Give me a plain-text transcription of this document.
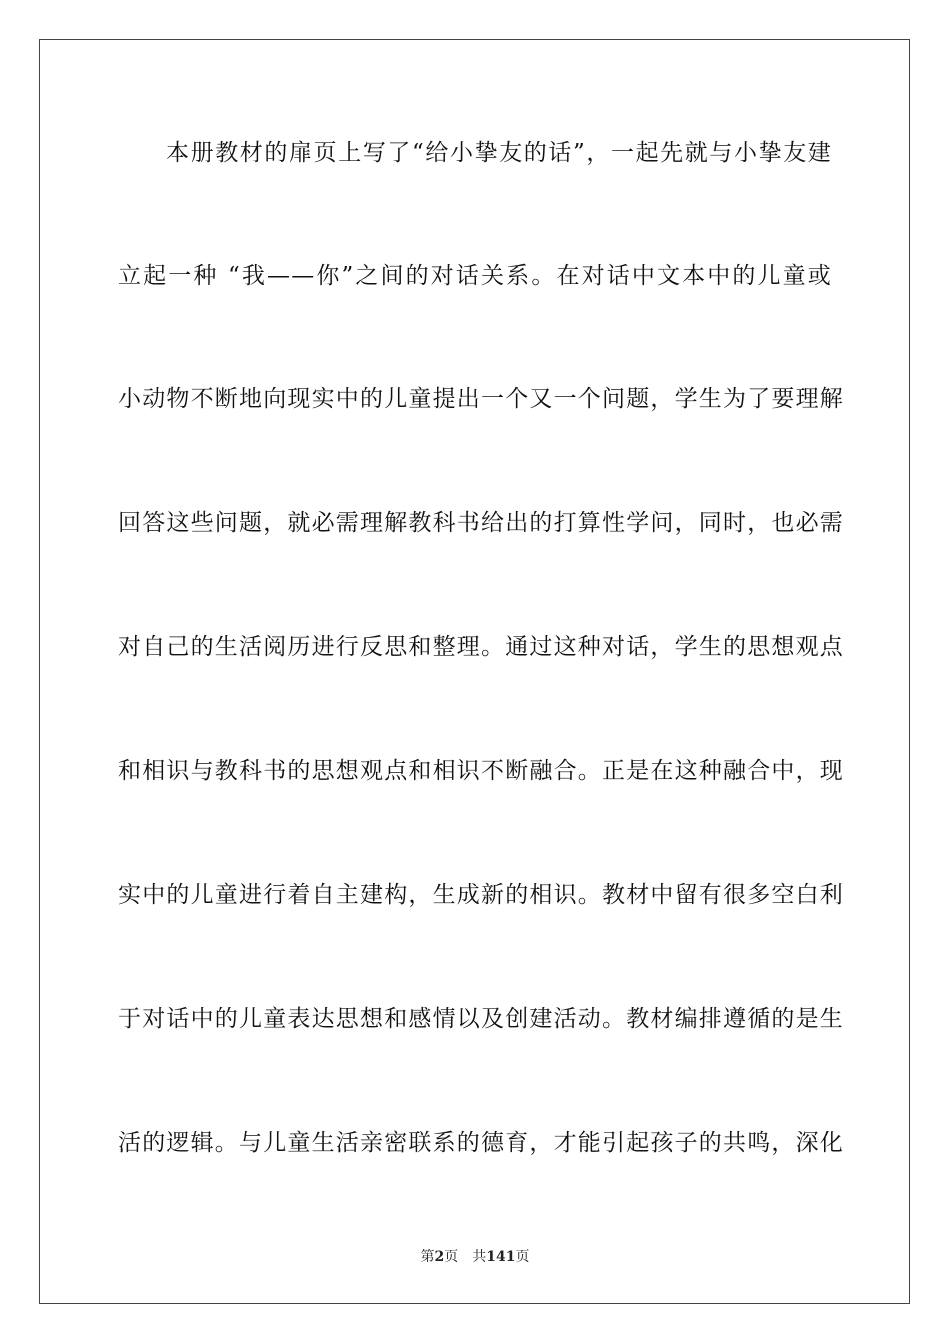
本册教材的扉页上写了“给小挚友的话”，一起先就与小挚友建

立起一种 “我——你”之间的对话关系。在对话中文本中的儿童或

小动物不断地向现实中的儿童提出一个又一个问题，学生为了要理解

回答这些问题，就必需理解教科书给出的打算性学问，同时，也必需

对自己的生活阅历进行反思和整理。通过这种对话，学生的思想观点

和相识与教科书的思想观点和相识不断融合。正是在这种融合中，现

实中的儿童进行着自主建构，生成新的相识。教材中留有很多空白利

于对话中的儿童表达思想和感情以及创建活动。教材编排遵循的是生

活的逻辑。与儿童生活亲密联系的德育，才能引起孩子的共鸣，深化

第2页 共141页
